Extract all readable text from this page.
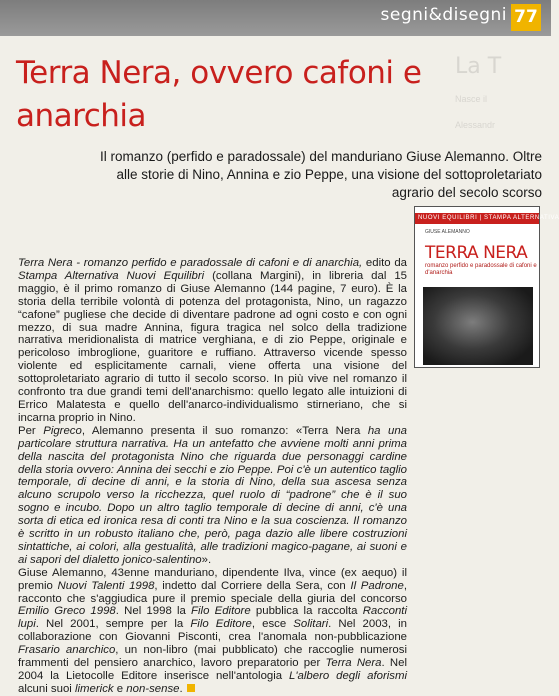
segni&disegni 77
La T
Nasce il
Alessandr
Terra Nera, ovvero cafoni e anarchia
Il romanzo (perfido e paradossale) del manduriano Giuse Alemanno. Oltre alle storie di Nino, Annina e zio Peppe, una visione del sottoproletariato agrario del secolo scorso
NUOVI EQUILIBRI | STAMPA ALTERNATIVA
GIUSE ALEMANNO
TERRA NERA
romanzo perfido e paradossale di cafoni e d'anarchia

Terra Nera - romanzo perfido e paradossale di cafoni e di anarchia, edito da Stampa Alternativa Nuovi Equilibri (collana Margini), in libreria dal 15 maggio, è il primo romanzo di Giuse Alemanno (144 pagine, 7 euro). È la storia della terribile volontà di potenza del protagonista, Nino, un ragazzo “cafone” pugliese che decide di diventare padrone ad ogni costo e con ogni mezzo, di sua madre Annina, figura tragica nel solco della tradizione narrativa meridionalista di matrice verghiana, e di zio Peppe, originale e pericoloso imbroglione, guaritore e ruffiano. Attraverso vicende spesso violente ed esplicitamente carnali, viene offerta una visione del sottoproletariato agrario di tutto il secolo scorso. In più vive nel romanzo il confronto tra due grandi temi dell'anarchismo: quello legato alle intuizioni di Errico Malatesta e quello dell'anarco-individualismo stirneriano, che si incarna proprio in Nino.

Per Pigreco, Alemanno presenta il suo romanzo: «Terra Nera ha una particolare struttura narrativa. Ha un antefatto che avviene molti anni prima della nascita del protagonista Nino che riguarda due personaggi cardine della storia ovvero: Annina dei secchi e zio Peppe. Poi c'è un autentico taglio temporale, di decine di anni, e la storia di Nino, della sua ascesa senza alcuno scrupolo verso la ricchezza, quel ruolo di “padrone” che è il suo sogno e incubo. Dopo un altro taglio temporale di decine di anni, c'è una sorta di etica ed ironica resa di conti tra Nino e la sua coscienza. Il romanzo è scritto in un robusto italiano che, però, paga dazio alle libere costruzioni sintattiche, ai colori, alla gestualità, alle tradizioni magico-pagane, ai suoni e ai sapori del dialetto jonico-salentino».

Giuse Alemanno, 43enne manduriano, dipendente Ilva, vince (ex aequo) il premio Nuovi Talenti 1998, indetto dal Corriere della Sera, con Il Padrone, racconto che s'aggiudica pure il premio speciale della giuria del concorso Emilio Greco 1998. Nel 1998 la Filo Editore pubblica la raccolta Racconti lupi. Nel 2001, sempre per la Filo Editore, esce Solitari. Nel 2003, in collaborazione con Giovanni Pisconti, crea l'anomala non-pubblicazione Frasario anarchico, un non-libro (mai pubblicato) che raccoglie numerosi frammenti del pensiero anarchico, lavoro preparatorio per Terra Nera. Nel 2004 la Lietocolle Editore inserisce nell'antologia L'albero degli aforismi alcuni suoi limerick e non-sense.
